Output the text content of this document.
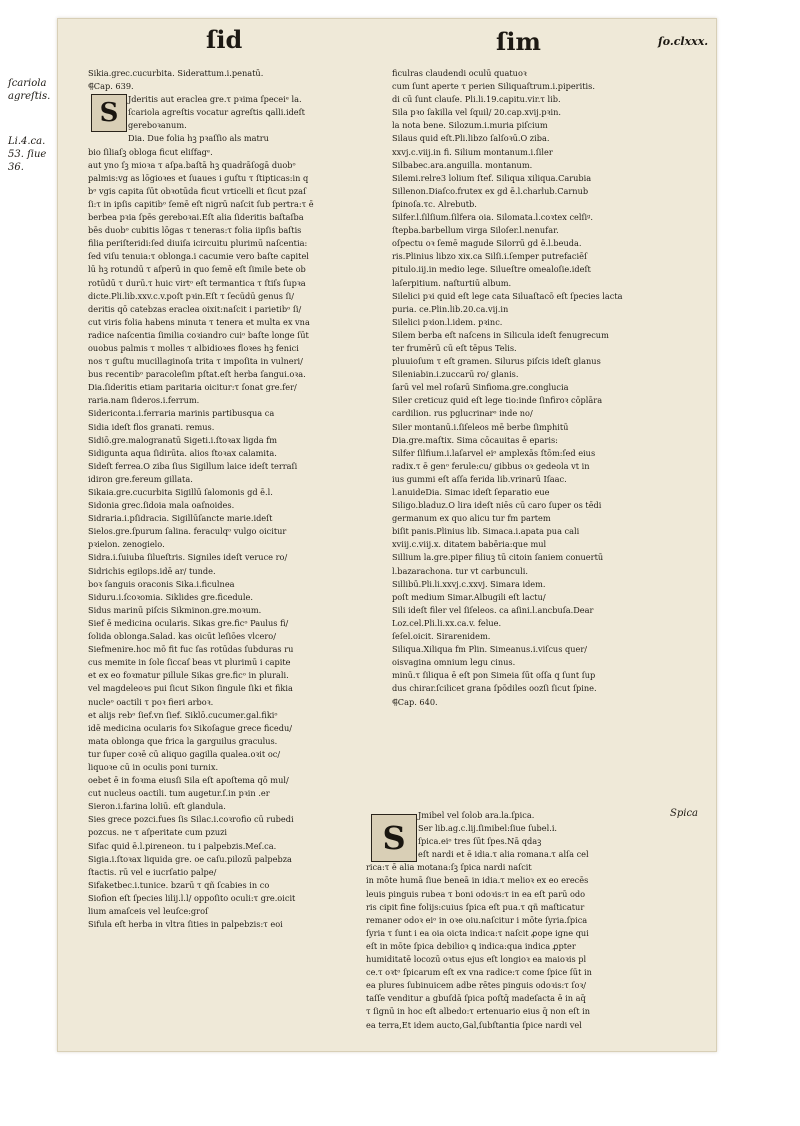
ſid	ſim	ſo.clxxx.
ſcariola
agreſtis.
Li.4.ca.
53. ſiue
36.
Spica
Sikia.grec.cucurbita. Siderattum.i.penatū.
⸿Cap. 639.
Jderitis aut eraclea gre.τ pꝛima ſpeceiᵉ la.
ſcariola agreſtis vocatur agreſtis ꝗalli.ideſt
gereboꝛanum.
Dia. Due folia hꝫ pꝛaſſio als matru
bio ſiliaſꝫ obloga ficut eliſfagᵉ.
aut yno ſꝫ mioꝛa τ aſpa.baſtā hꝫ quadrāſogā duobᵒ
palmis:vg as lōgioꝛes et ſuaues i guſtu τ ſtipticas:in q
bᵒ vgis capita ſūt obꝛotūda ficut vrticelli et ſicut pzaſ
ſi:τ in ipſis capitibᵒ ſemē eſt nigrū naſcit ſub pertra:τ ē
berbea pꝛia ſpēs gereboꝛai.Eſt alia ſideritis baſtaſba
bēs duobᵒ cubitis lōgas τ teneras:τ folia iipſis baſtis
filia periſteridi:ſed diuiſa icircuitu plurimū naſcentia:
ſed viſu tenuia:τ oblonga.i cacumie vero baſte capitel
lū hꝫ rotundū τ aſperū in quo ſemē eſt ſimile bete ob
rotūdū τ durū.τ huic virtᵒ eſt termantica τ ſtiſs ſupꝛa
dicte.Pli.lib.xxv.c.v.poſt pꝛin.Eſt τ ſecūdū genus ſi/
deritis qō catebzas eraclea oixit:naſcit i parietibᵒ ſi/
cut viris folia habens minuta τ tenera et multa ex vna
radice naſcentia ſimilia coꝛiandro cuiᵒ baſte longe ſūt
ouobus palmis τ molles τ albidioꝛes floꝛes hꝫ fenici
nos τ guſtu mucillaginoſa trita τ impoſita in vulneri/
bus recentibᵒ paracoleſim pſtat.eſt herba ſangui.oꝛa.
Dia.ſideritis etiam paritaria oicitur:τ ſonat gre.fer/
raria.nam ſideros.i.ferrum.
Sidericonta.i.ferraria marinis partibusqua ca
Sidia ideſt flos granati. remus.
Sidiō.gre.malogranatū Sigeti.i.ſtoꝛax ligda fm
Sidigunta aqua ſidirūta. alios ſtoꝛax calamita.
Sideſt ferrea.O ziba ſius Sigillum laice ideſt terraſi
idiron gre.fereum gillata.
Sikaia.gre.cucurbita Sigillū ſalomonis gd ē.l.
Sidonia grec.ſidoia mala oaſnoides.
Sidraria.i.pſidracia. Sigillūſancte marie.ideſt
Sielos.gre.ſpurum ſalina. feraculqᵒ vulgo oicitur
pꝛielon. zenogielo.
Sidra.i.ſuiuba ſilueſtris. Signiles ideſt veruce ro/
Sidrichis egilops.idē ar/ tunde.
boꝛ ſanguis oraconis Sika.i.ficulnea
Siduru.i.ſcoꝛomia. Siklides gre.ficedule.
Sidus marinū piſcis Sikminon.gre.moꝛum.
Sief ē medicina ocularis. Sikas gre.ficᵒ Paulus fi/
ſolida oblonga.Salad. kas oicūt leſiōes vlcero/
Siefmenire.hoc mō fit fuc ſas rotūdas ſubduras ru
cus memite in ſole ſiccaſ beas vt plurimū i capite
et ex eo foꝛmatur pillule Sikas gre.ficᵒ in plurali.
vel magdeleoꝛs pui ſicut Sikon ſingule ſiki et fikia
nucleᵒ oactili τ poꝛ fieri arboꝛ.
et alijs rebᵒ ſief.vn ſief. Siklō.cucumer.gal.fikiᵒ
idē medicina ocularis foꝛ Sikoſague grece ficedu/
mata oblonga que frica la garguilus graculus.
tur ſuper coꝛē cū aliquo gagilla qualea.oꝛit oc/
liquoꝛe cū in oculis poni turnix.
oebet ē in foꝛma eiusſi Sila eſt apoſtema qō mul/
cut nucleus oactili. tum augetur.ſ.in pꝛin .er
Sieron.i.farina loliū. eſt glandula.
Sies grece pozci.fues ſis Silac.i.coꝛrofio cū rubedi
pozcus. ne τ aſperitate cum pzuzi
Sifac quid ē.l.pireneon. tu i palpebzis.Meſ.ca.
Sigia.i.ſtoꝛax liquida gre. oe caſu.pilozū palpebza
ſtactis. rū vel e iucrſatio palpe/
Sifaketbec.i.tunice. bzarū τ qñ ſcabies in co
Siofion eſt ſpecies lilij.l.l/ oppoſito oculi:τ gre.oicit
lium amaſceis vel leuſce:groſ
Sifula eſt herba in vltra ſities in palpebzis:τ eoi
ficulras claudendi oculū quatuoꝛ
cum ſunt aperte τ perien Siliquaſtrum.i.piperitis.
di cū ſunt clauſe. Pli.li.19.capitu.vir.τ lib.
Sila pꝛo ſakilla vel ſquil/ 20.cap.xvij.pꝛin.
la nota bene. Silozum.i.muria piſcium
Silaus quid eſt.Pli.libzo ſalſoꝛū.O ziba.
xxvj.c.viij.in fi. Silium montanum.i.ſiler
Silbabec.ara.anguilla. montanum.
Silemi.relre3 lolium ſtef. Siliqua xiliqua.Carubia
Sillenon.Diaſco.frutex ex gd ē.l.charlub.Carnub
ſpinoſa.τc. Alrebutb.
Silfer.l.ſilſium.ſilfera oia. Silomata.l.coꝛtex celſiᵍ.
ſtepba.barbellum virga Siloſer.l.nenufar.
oſpectu oꝛ ſemē magude Silorrū gd ē.l.beuda.
ris.Plinius libzo xix.ca Silſi.i.ſemper putrefaciēſ
pitulo.iij.in medio lege. Silueſtre omealoſie.ideſt
laſerpitium. naſturtiū album.
Silelici pꝛi quid eſt lege cata Siluaſtacō eſt ſpecies lacta
puria. ce.Plin.lib.20.ca.vij.in
Silelici pꝛion.l.idem. pꝛinc.
Silem berba eſt naſcens in Silicula ideſt fenugrecum
ter frumērū cū eſt tēpus Telis.
pluuioſum τ eſt gramen. Silurus piſcis ideſt glanus
Sileniabin.i.zuccarū ro/ glanis.
ſarū vel mel roſarū Sinfioma.gre.conglucia
Siler creticuz quid eſt lege tio:inde ſinfiroꝛ cōplāra
cardilion. rus pglucrinarᵒ inde no/
Siler montanū.i.ſiſeleos mē berbe ſimphitū
Dia.gre.maſtix. Sima cōcauitas ē eparis:
Silfer ſilfium.i.laſarvel eiᵒ amplexās ſtōm:ſed eius
radix.τ ē genᵒ ferule:cu/ gibbus oꝛ gedeola vt in
ius gummi eſt aſſa ferida lib.vrinarū Iſaac.
l.anuideDia. Simac ideſt ſeparatio eue
Siligo.bladuz.O lira ideſt niēs cū caro ſuper os tēdi
germanum ex quo alicu tur fm partem
biſit panis.Plinius lib. Simaca.i.apata pua cali
xviij.c.viij.x. ditatem babēria:que mul
Sillium la.gre.piper filiuꝫ tū citoin ſaniem conuertū
l.bazarachona. tur vt carbunculi.
Sillibū.Pli.li.xxvj.c.xxvj. Simara idem.
poſt medium Simar.Albugili eſt lactu/
Sili ideſt filer vel ſiſeleos. ca aſini.l.ancbuſa.Dear
Loz.cel.Pli.li.xx.ca.v. felue.
ſeſel.oicit. Sirarenidem.
Siliqua.Xiliqua fm Plin. Simeanus.i.viſcus quer/
oisvagina omnium legu cinus.
minū.τ ſiliqua ē eſt pon Simeia ſūt oſſa q ſunt ſup
dus chirar.ſcilicet grana ſpōdiles oozſi ſicut ſpine.
⸿Cap. 640.
Jmibel vel ſolob ara.la.ſpica.
Ser lib.ag.c.lij.ſimibel:ſiue ſubel.i.
ſpica.eiᵒ tres ſūt ſpes.Nā qdaꝫ
eſt nardi et ē idia.τ alia romana.τ alſa cel
rica:τ ē alia motana:ſꝫ ſpica nardi naſcit
in mōte humā ſiue beneā in idia.τ melioꝛ ex eo erecēs
leuis pinguis rubea τ boni odoꝛis:τ in ea eſt parū odo
ris cipit fine folijs:cuius ſpica eſt pua.τ qñ maſticatur
remaner odoꝛ eiᵒ in oꝛe oiu.naſcitur i mōte ſyria.ſpica
ſyria τ ſunt i ea oia oicta indica:τ naſcit ꝓope igne qui
eſt in mōte ſpica debilioꝛ ꝗ indica:qua indica ꝓpter
humiditatē locozū oꝛtus ejus eſt longioꝛ ea maioꝛis pl
ce.τ oꝛtᵒ ſpicarum eſt ex vna radice:τ come ſpice ſūt in
ea plures ſubinuicem adbe rētes pinguis odoꝛis:τ ſoꝛ/
taſſe venditur a gbuſdā ſpica poſtq̄ madeſacta ē in aq̄
τ ſignū in hoc eſt albedo:τ ertenuario eius q̄ non eſt in
ea terra,Et idem aucto,Gal,ſubſtantia ſpice nardi vel
S
S
